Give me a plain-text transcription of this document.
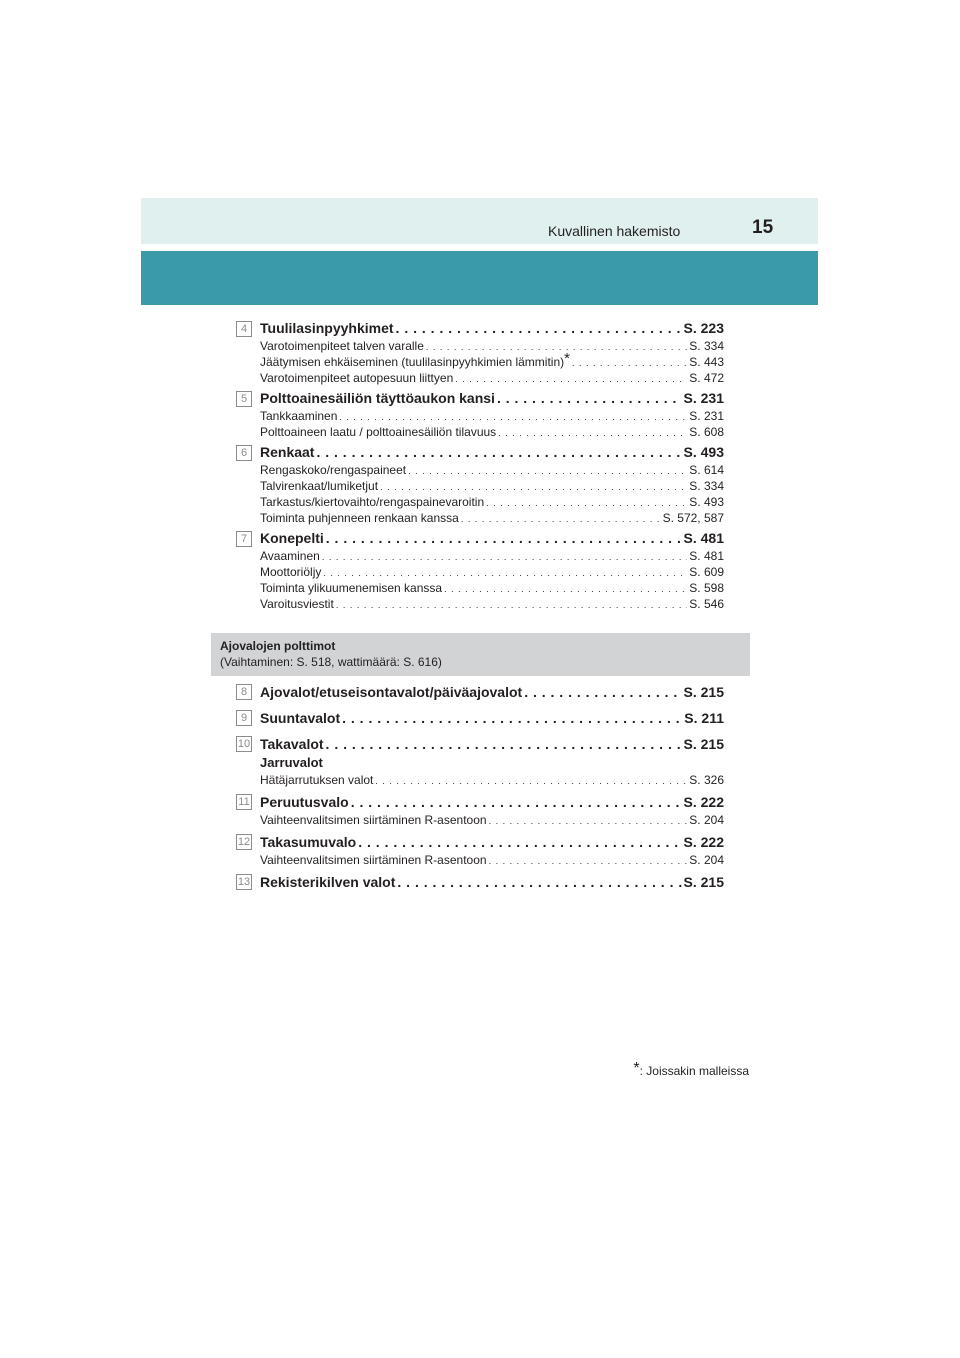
Kuvallinen hakemisto	15
4 Tuulilasinpyyhkimet . . .	S. 223
Varotoimenpiteet talven varalle . . .	S. 334
Jäätymisen ehkäiseminen (tuulilasinpyyhkimien lämmitin)* . . .	S. 443
Varotoimenpiteet autopesuun liittyen . . .	S. 472
5 Polttoainesäiliön täyttöaukon kansi . . .	S. 231
Tankkaaminen . . .	S. 231
Polttoaineen laatu / polttoainesäiliön tilavuus . . .	S. 608
6 Renkaat . . .	S. 493
Rengaskoko/rengaspaineet . . .	S. 614
Talvirenkaat/lumiketjut . . .	S. 334
Tarkastus/kiertovaihto/rengaspainevaroitin . . .	S. 493
Toiminta puhjenneen renkaan kanssa . . .	S. 572, 587
7 Konepelti . . .	S. 481
Avaaminen . . .	S. 481
Moottoriöljy . . .	S. 609
Toiminta ylikuumenemisen kanssa . . .	S. 598
Varoitusviestit . . .	S. 546
Ajovalojen polttimot
(Vaihtaminen: S. 518, wattimäärä: S. 616)
8 Ajovalot/etuseisontavalot/päiväajovalot . . .	S. 215
9 Suuntavalot . . .	S. 211
10 Takavalot . . .	S. 215
Jarruvalot
Hätäjarrutuksen valot . . .	S. 326
11 Peruutusvalo . . .	S. 222
Vaihteenvalitsimen siirtäminen R-asentoon . . .	S. 204
12 Takasumuvalo . . .	S. 222
Vaihteenvalitsimen siirtäminen R-asentoon . . .	S. 204
13 Rekisterikilven valot . . .	S. 215
*: Joissakin malleissa
